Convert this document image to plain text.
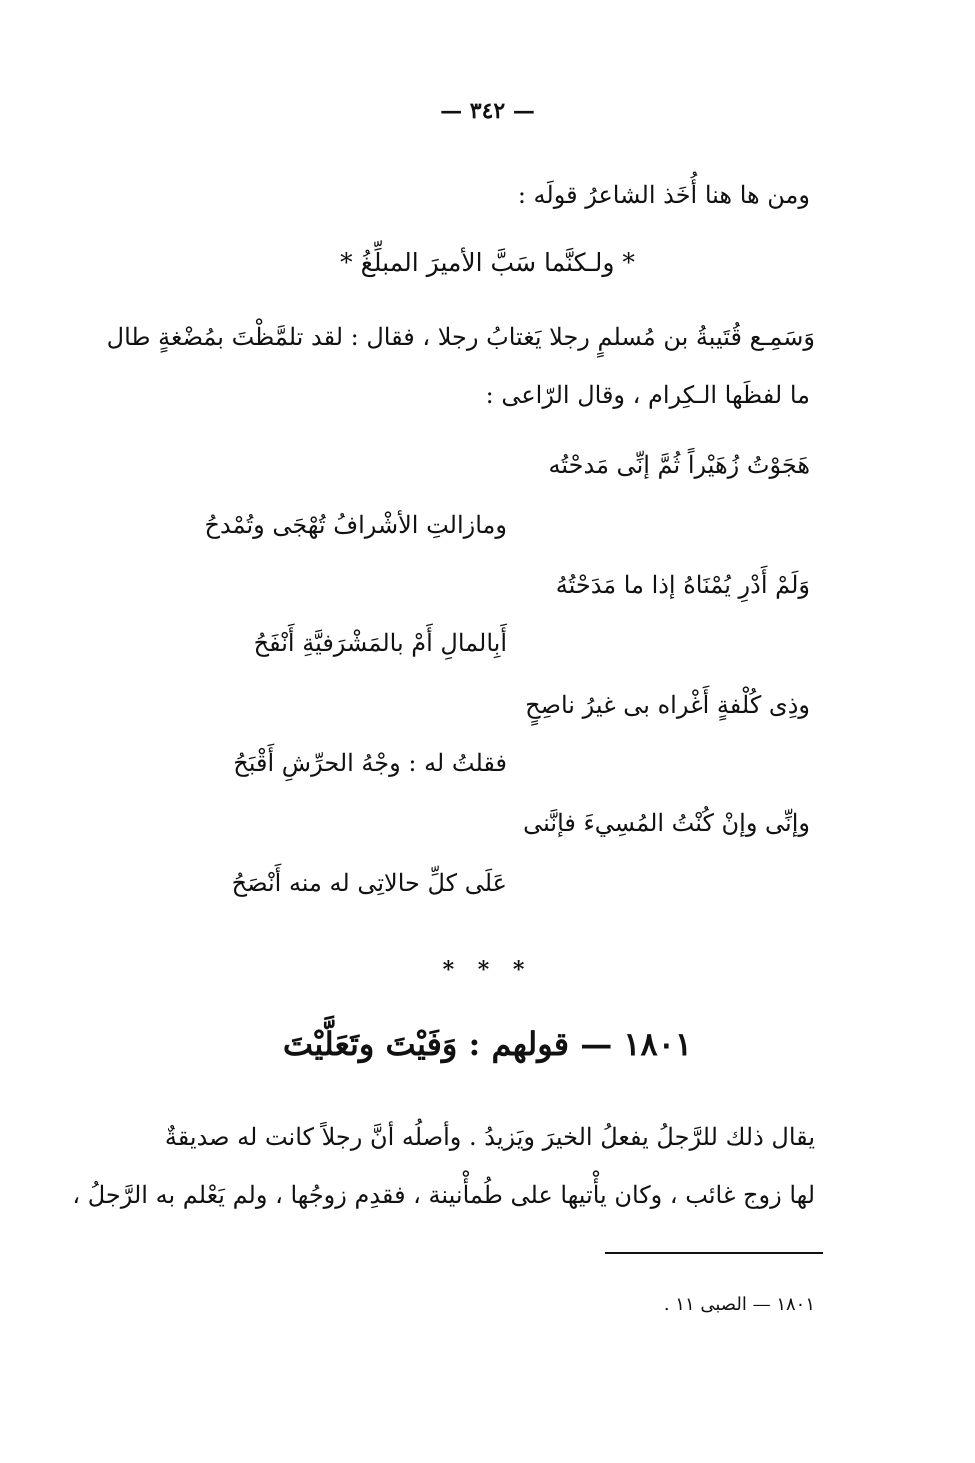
— ٣٤٢ —
ومن ها هنا أُخَذ الشاعرُ قولَه :
* ولـكنَّما سَبَّ الأميرَ المبلِّغُ *
وَسَمِـع قُتَيبةُ بن مُسلمٍ رجلا يَغتابُ رجلا ، فقال : لقد تلمَّظْتَ بمُضْغةٍ طال
ما لفظَها الـكِرام ، وقال الرّاعى :
هَجَوْتُ زُهَيْراً ثُمَّ إنِّى مَدحْتُه
ومازالتِ الأشْرافُ تُهْجَى وتُمْدحُ
وَلَمْ أَدْرِ يُمْنَاهُ إذا ما مَدَحْتُهُ
أَبِالمالِ أَمْ بالمَشْرَفيَّةِ أَنْفَحُ
وذِى كُلْفةٍ أَغْراه بى غيرُ ناصِحٍ
فقلتُ له : وجْهُ الحرِّشِ أَقْبَحُ
وإنِّى وإنْ كُنْتُ المُسِيءَ فإنَّنى
عَلَى كلِّ حالاتِى له منه أَنْصَحُ
* * *
١٨٠١ — قولهم : وَفَيْتَ وتَعَلَّيْتَ
يقال ذلك للرَّجلُ يفعلُ الخيرَ ويَزيدُ . وأصلُه أنَّ رجلاً كانت له صديقةٌ
لها زوج غائب ، وكان يأْتيها على طُمأْنينة ، فقدِم زوجُها ، ولم يَعْلم به الرَّجلُ ،
١٨٠١ — الصبى ١١ .
